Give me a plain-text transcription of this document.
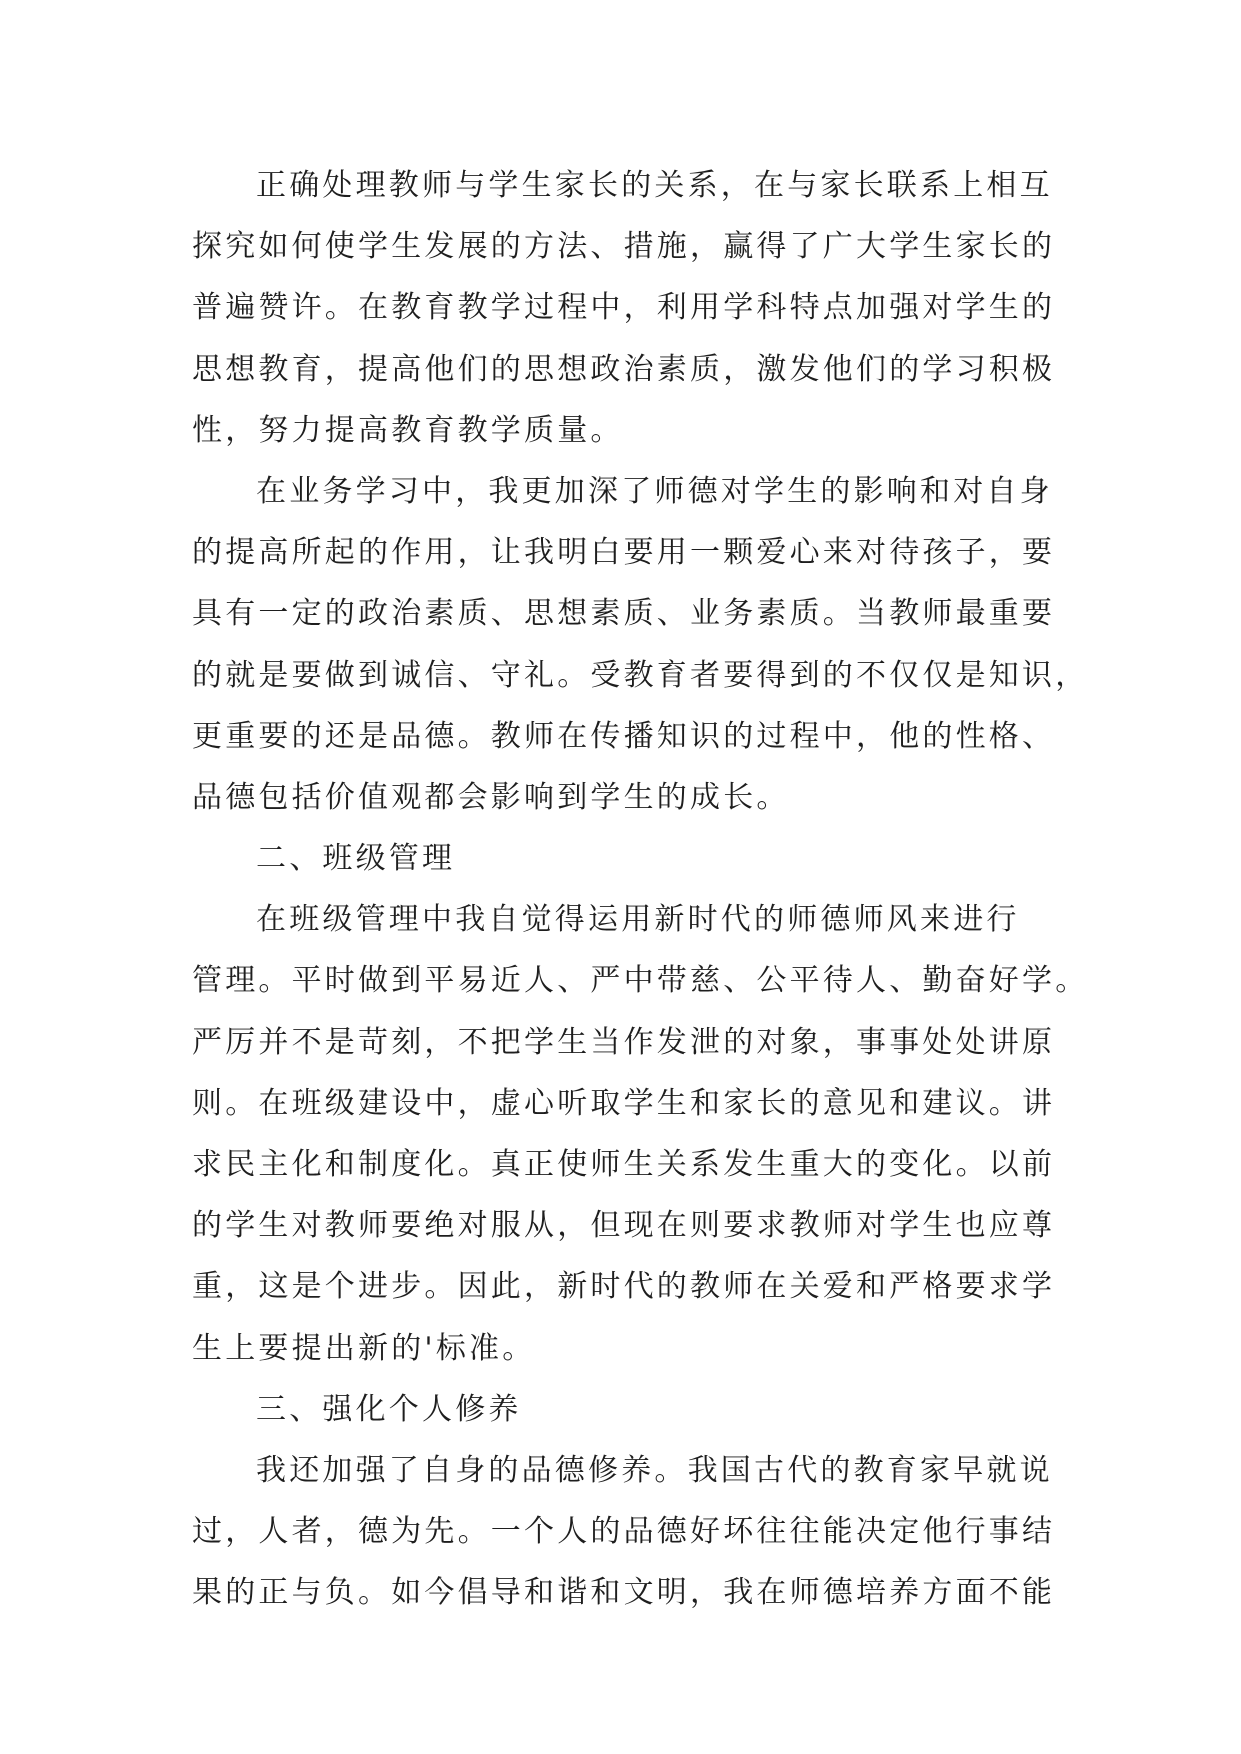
正确处理教师与学生家长的关系，在与家长联系上相互

探究如何使学生发展的方法、措施，赢得了广大学生家长的

普遍赞许。在教育教学过程中，利用学科特点加强对学生的

思想教育，提高他们的思想政治素质，激发他们的学习积极

性，努力提高教育教学质量。

在业务学习中，我更加深了师德对学生的影响和对自身

的提高所起的作用，让我明白要用一颗爱心来对待孩子，要

具有一定的政治素质、思想素质、业务素质。当教师最重要

的就是要做到诚信、守礼。受教育者要得到的不仅仅是知识，

更重要的还是品德。教师在传播知识的过程中，他的性格、

品德包括价值观都会影响到学生的成长。

二、班级管理

在班级管理中我自觉得运用新时代的师德师风来进行

管理。平时做到平易近人、严中带慈、公平待人、勤奋好学。

严厉并不是苛刻，不把学生当作发泄的对象，事事处处讲原

则。在班级建设中，虚心听取学生和家长的意见和建议。讲

求民主化和制度化。真正使师生关系发生重大的变化。以前

的学生对教师要绝对服从，但现在则要求教师对学生也应尊

重，这是个进步。因此，新时代的教师在关爱和严格要求学

生上要提出新的'标准。

三、强化个人修养

我还加强了自身的品德修养。我国古代的教育家早就说

过，人者，德为先。一个人的品德好坏往往能决定他行事结

果的正与负。如今倡导和谐和文明，我在师德培养方面不能
